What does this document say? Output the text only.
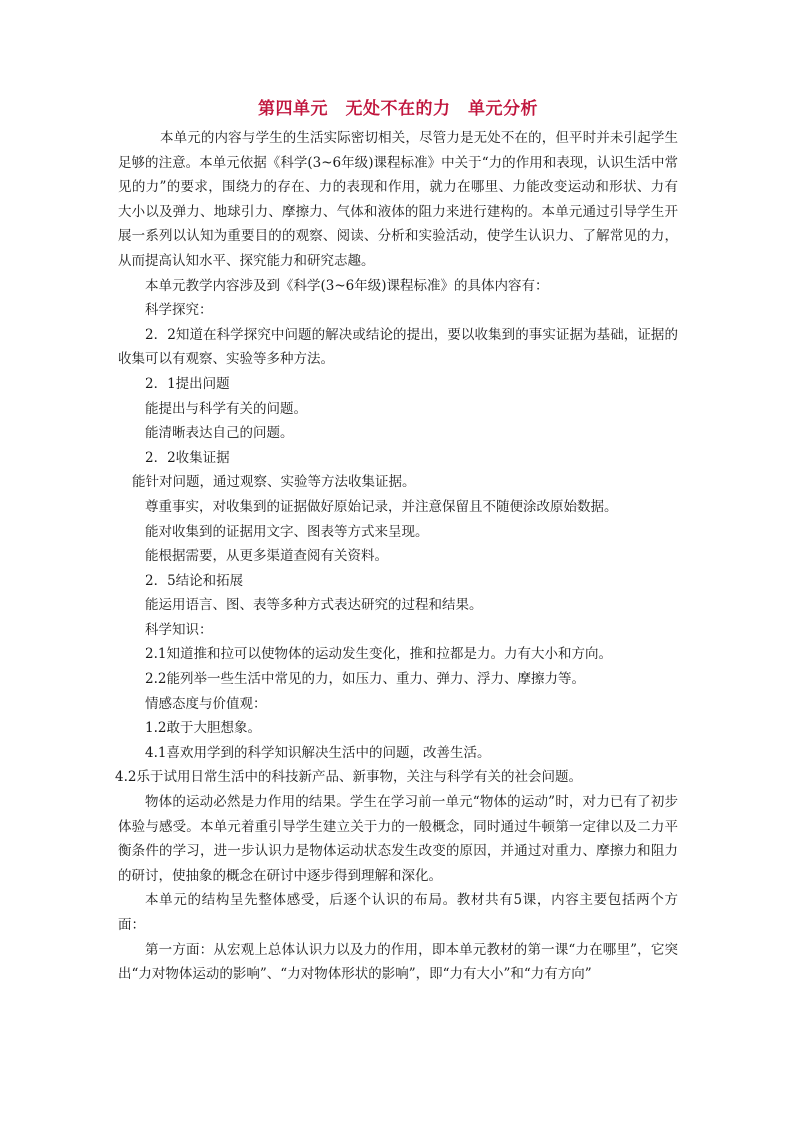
第四单元　无处不在的力　单元分析

本单元的内容与学生的生活实际密切相关，尽管力是无处不在的，但平时并未引起学生足够的注意。本单元依据《科学(3~6年级)课程标准》中关于“力的作用和表现，认识生活中常见的力”的要求，围绕力的存在、力的表现和作用，就力在哪里、力能改变运动和形状、力有大小以及弹力、地球引力、摩擦力、气体和液体的阻力来进行建构的。本单元通过引导学生开展一系列以认知为重要目的的观察、阅读、分析和实验活动，使学生认识力、了解常见的力，从而提高认知水平、探究能力和研究志趣。

本单元教学内容涉及到《科学(3~6年级)课程标准》的具体内容有：

科学探究：

2．2知道在科学探究中问题的解决或结论的提出，要以收集到的事实证据为基础，证据的收集可以有观察、实验等多种方法。

2．1提出问题

能提出与科学有关的问题。

能清晰表达自己的问题。

2．2收集证据

能针对问题，通过观察、实验等方法收集证据。

尊重事实，对收集到的证据做好原始记录，并注意保留且不随便涂改原始数据。

能对收集到的证据用文字、图表等方式来呈现。

能根据需要，从更多渠道查阅有关资料。

2．5结论和拓展

能运用语言、图、表等多种方式表达研究的过程和结果。

科学知识：

2.1知道推和拉可以使物体的运动发生变化，推和拉都是力。力有大小和方向。

2.2能列举一些生活中常见的力，如压力、重力、弹力、浮力、摩擦力等。

情感态度与价值观：

1.2敢于大胆想象。

4.1喜欢用学到的科学知识解决生活中的问题，改善生活。

4.2乐于试用日常生活中的科技新产品、新事物，关注与科学有关的社会问题。

物体的运动必然是力作用的结果。学生在学习前一单元“物体的运动”时，对力已有了初步体验与感受。本单元着重引导学生建立关于力的一般概念，同时通过牛顿第一定律以及二力平衡条件的学习，进一步认识力是物体运动状态发生改变的原因，并通过对重力、摩擦力和阻力的研讨，使抽象的概念在研讨中逐步得到理解和深化。

本单元的结构呈先整体感受，后逐个认识的布局。教材共有5课，内容主要包括两个方面：

第一方面：从宏观上总体认识力以及力的作用，即本单元教材的第一课“力在哪里”，它突出“力对物体运动的影响”、“力对物体形状的影响”，即“力有大小”和“力有方向”
